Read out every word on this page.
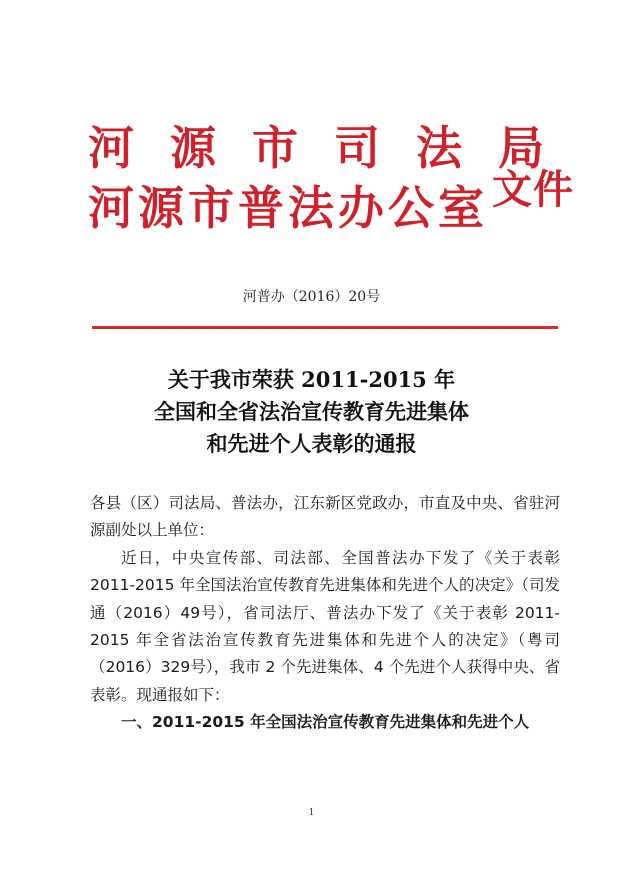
河 源 市 司 法 局
河源市普法办公室 文件
河普办（2016）20号
关于我市荣获 2011-2015 年
全国和全省法治宣传教育先进集体
和先进个人表彰的通报

各县（区）司法局、普法办，江东新区党政办，市直及中央、省驻河源副处以上单位：

近日，中央宣传部、司法部、全国普法办下发了《关于表彰 2011-2015 年全国法治宣传教育先进集体和先进个人的决定》（司发通（2016）49号），省司法厅、普法办下发了《关于表彰 2011-2015 年全省法治宣传教育先进集体和先进个人的决定》（粤司（2016）329号），我市 2 个先进集体、4 个先进个人获得中央、省表彰。现通报如下：

一、2011-2015 年全国法治宣传教育先进集体和先进个人

1
